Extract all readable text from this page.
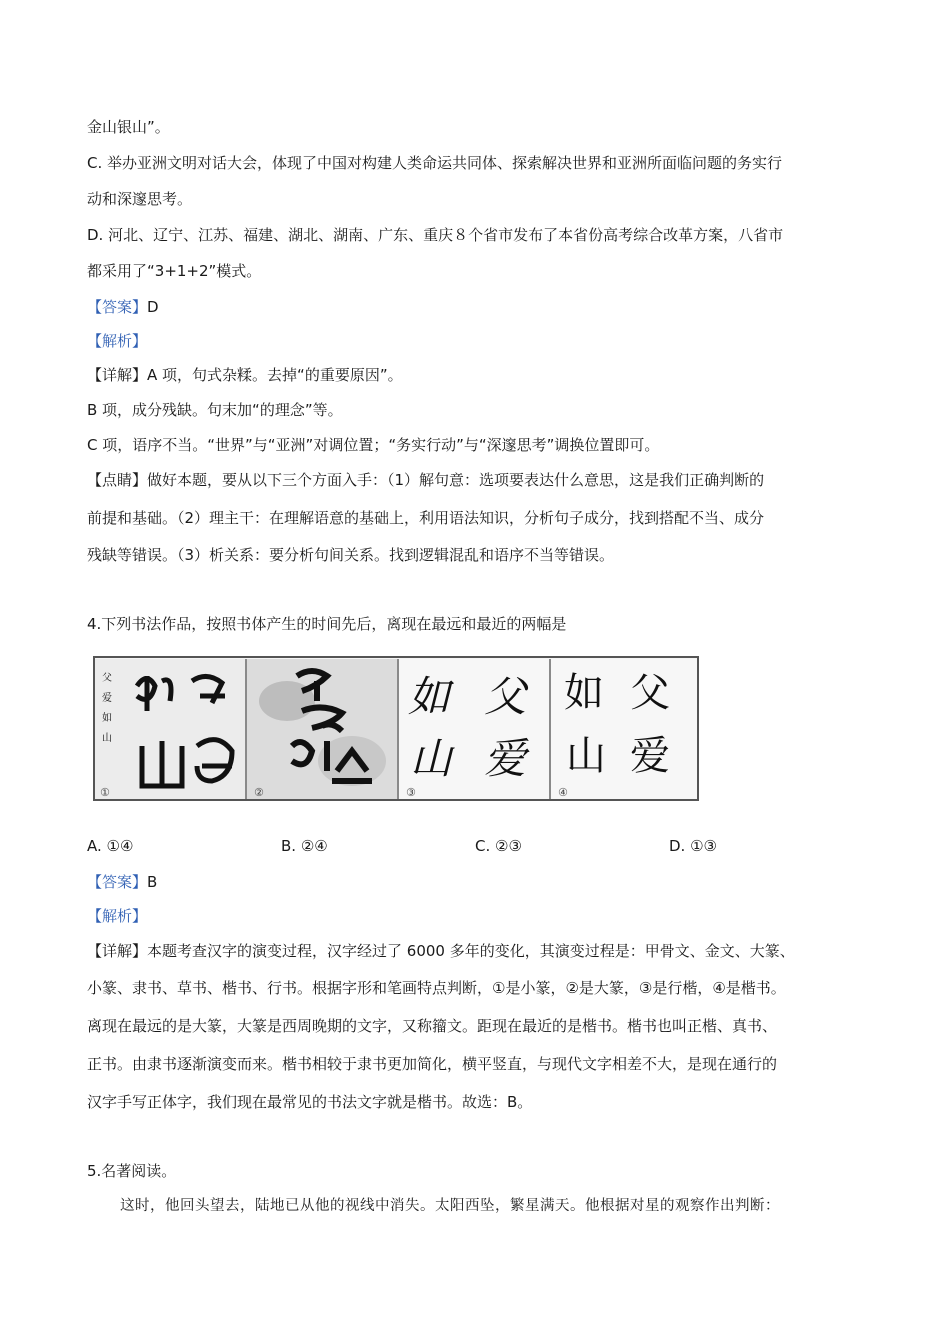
金山银山”。
C. 举办亚洲文明对话大会，体现了中国对构建人类命运共同体、探索解决世界和亚洲所面临问题的务实行
动和深邃思考。
D. 河北、辽宁、江苏、福建、湖北、湖南、广东、重庆８个省市发布了本省份高考综合改革方案，八省市
都采用了“3+1+2”模式。
【答案】D
【解析】
【详解】A 项，句式杂糅。去掉“的重要原因”。
B 项，成分残缺。句末加“的理念”等。
C 项，语序不当。“世界”与“亚洲”对调位置；“务实行动”与“深邃思考”调换位置即可。
【点睛】做好本题，要从以下三个方面入手：（1）解句意：选项要表达什么意思，这是我们正确判断的
前提和基础。（2）理主干：在理解语意的基础上，利用语法知识，分析句子成分，找到搭配不当、成分
残缺等错误。（3）析关系：要分析句间关系。找到逻辑混乱和语序不当等错误。
4.下列书法作品，按照书体产生的时间先后，离现在最远和最近的两幅是
父
爱
如
山
①	②
父
爱
如
山
③
父
爱
如
山
④
A. ①④	B. ②④	C. ②③	D. ①③
【答案】B
【解析】
【详解】本题考查汉字的演变过程，汉字经过了 6000 多年的变化，其演变过程是：甲骨文、金文、大篆、
小篆、隶书、草书、楷书、行书。根据字形和笔画特点判断，①是小篆，②是大篆，③是行楷，④是楷书。
离现在最远的是大篆，大篆是西周晚期的文字，又称籀文。距现在最近的是楷书。楷书也叫正楷、真书、
正书。由隶书逐渐演变而来。楷书相较于隶书更加简化，横平竖直，与现代文字相差不大，是现在通行的
汉字手写正体字，我们现在最常见的书法文字就是楷书。故选：B。
5.名著阅读。
这时，他回头望去，陆地已从他的视线中消失。太阳西坠，繁星满天。他根据对星的观察作出判断：
